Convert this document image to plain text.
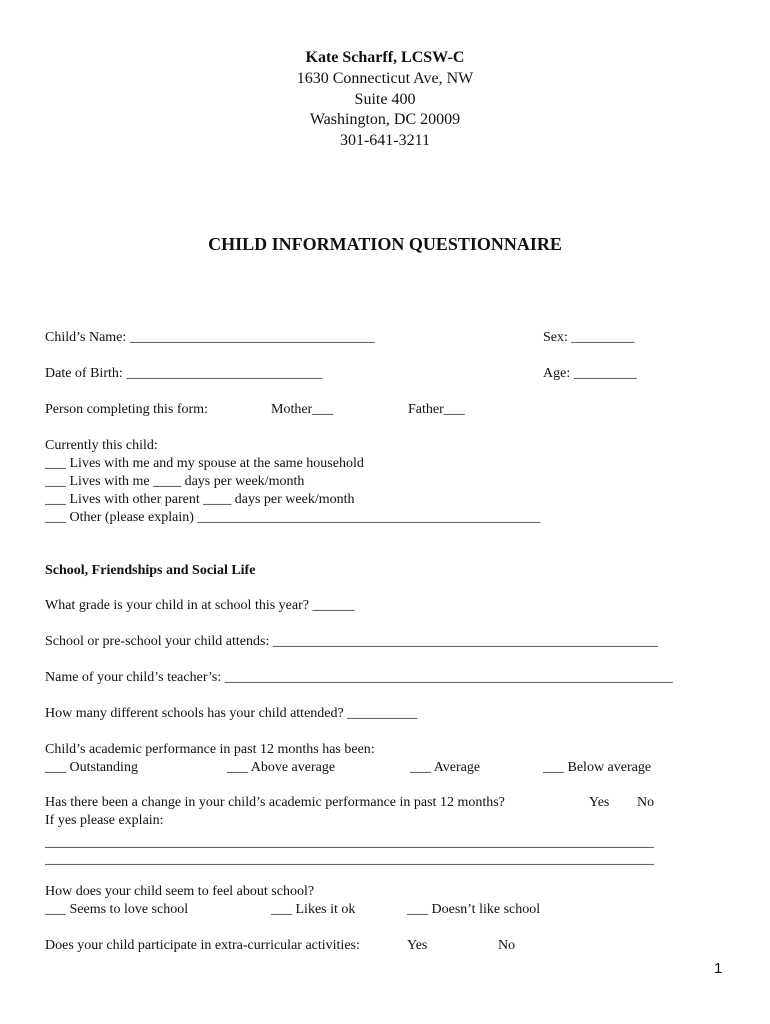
Kate Scharff, LCSW-C
1630 Connecticut Ave, NW
Suite 400
Washington, DC 20009
301-641-3211
CHILD INFORMATION QUESTIONNAIRE
Child’s Name: ___________________________________	Sex: _________
Date of Birth: ____________________________	Age: _________
Person completing this form:	Mother___	Father___
Currently this child:
___ Lives with me and my spouse at the same household
___ Lives with me ____ days per week/month
___ Lives with other parent ____ days per week/month
___ Other (please explain) _________________________________________________
School, Friendships and Social Life
What grade is your child in at school this year? ______
School or pre-school your child attends: _______________________________________________________
Name of your child’s teacher’s: ________________________________________________________________
How many different schools has your child attended? __________
Child’s academic performance in past 12 months has been:
___ Outstanding	___ Above average	___ Average	___ Below average
Has there been a change in your child’s academic performance in past 12 months?	Yes No
If yes please explain:
_______________________________________________________________________________________
_______________________________________________________________________________________
How does your child seem to feel about school?
___ Seems to love school	___ Likes it ok	___ Doesn’t like school
Does your child participate in extra-curricular activities:	Yes	No
1
